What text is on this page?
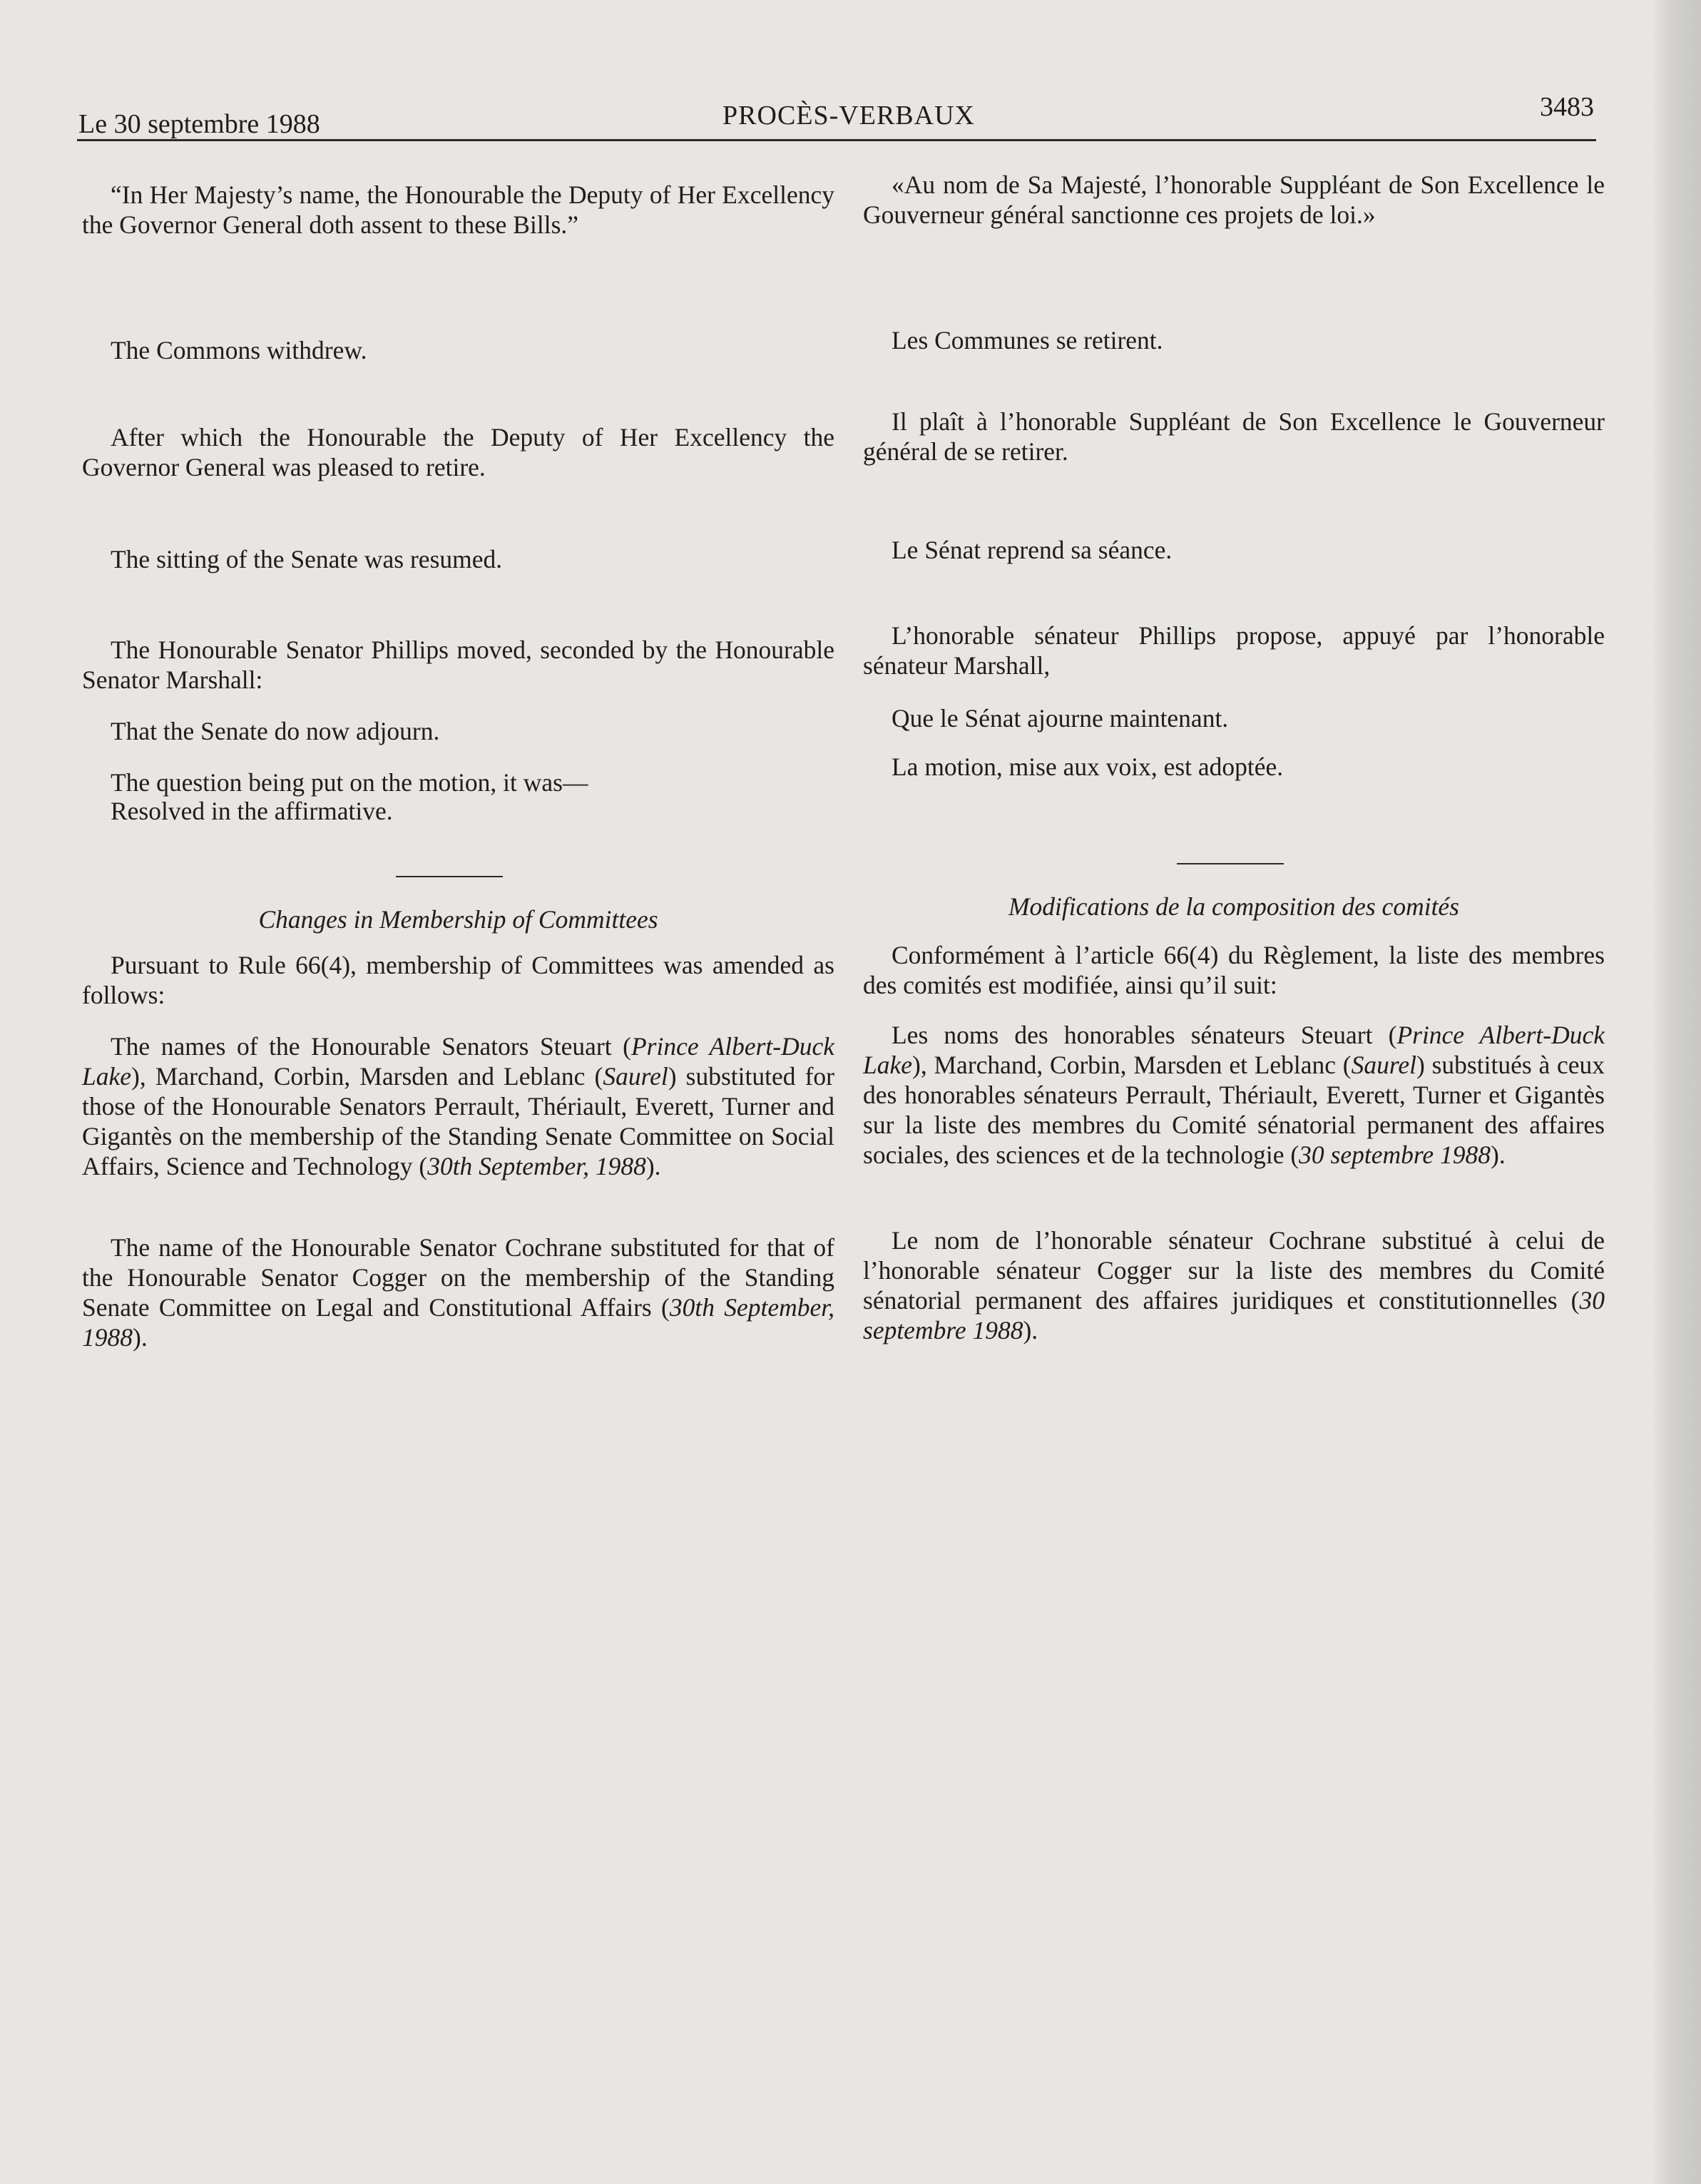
Le 30 septembre 1988	PROCÈS-VERBAUX	3483

“In Her Majesty’s name, the Honourable the Deputy of Her Excellency the Governor General doth assent to these Bills.”

The Commons withdrew.

After which the Honourable the Deputy of Her Excellency the Governor General was pleased to retire.

The sitting of the Senate was resumed.

The Honourable Senator Phillips moved, seconded by the Honourable Senator Marshall:

That the Senate do now adjourn.

The question being put on the motion, it was—

Resolved in the affirmative.

Changes in Membership of Committees

Pursuant to Rule 66(4), membership of Committees was amended as follows:

The names of the Honourable Senators Steuart (Prince Albert-Duck Lake), Marchand, Corbin, Marsden and Leblanc (Saurel) substituted for those of the Honourable Senators Perrault, Thériault, Everett, Turner and Gigantès on the membership of the Standing Senate Committee on Social Affairs, Science and Technology (30th September, 1988).

The name of the Honourable Senator Cochrane substituted for that of the Honourable Senator Cogger on the membership of the Standing Senate Committee on Legal and Constitutional Affairs (30th September, 1988).

«Au nom de Sa Majesté, l’honorable Suppléant de Son Excellence le Gouverneur général sanctionne ces projets de loi.»

Les Communes se retirent.

Il plaît à l’honorable Suppléant de Son Excellence le Gouverneur général de se retirer.

Le Sénat reprend sa séance.

L’honorable sénateur Phillips propose, appuyé par l’honorable sénateur Marshall,

Que le Sénat ajourne maintenant.

La motion, mise aux voix, est adoptée.

Modifications de la composition des comités

Conformément à l’article 66(4) du Règlement, la liste des membres des comités est modifiée, ainsi qu’il suit:

Les noms des honorables sénateurs Steuart (Prince Albert-Duck Lake), Marchand, Corbin, Marsden et Leblanc (Saurel) substitués à ceux des honorables sénateurs Perrault, Thériault, Everett, Turner et Gigantès sur la liste des membres du Comité sénatorial permanent des affaires sociales, des sciences et de la technologie (30 septembre 1988).

Le nom de l’honorable sénateur Cochrane substitué à celui de l’honorable sénateur Cogger sur la liste des membres du Comité sénatorial permanent des affaires juridiques et constitutionnelles (30 septembre 1988).
